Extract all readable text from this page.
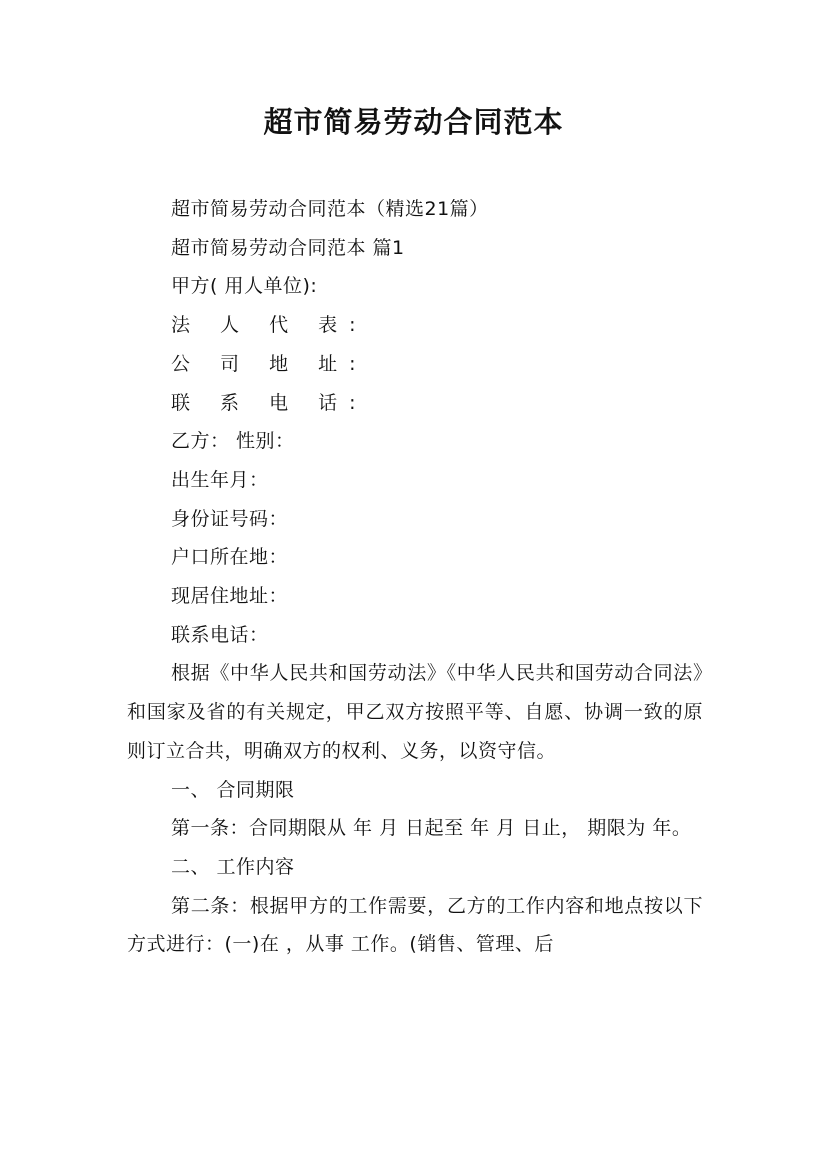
超市简易劳动合同范本

超市简易劳动合同范本（精选21篇）

超市简易劳动合同范本 篇1

甲方( 用人单位):

法 人 代 表:

公 司 地 址:

联 系 电 话:

乙方： 性别：

出生年月：

身份证号码：

户口所在地：

现居住地址：

联系电话：

根据《中华人民共和国劳动法》《中华人民共和国劳动合同法》和国家及省的有关规定，甲乙双方按照平等、自愿、协调一致的原则订立合共，明确双方的权利、义务，以资守信。

一、 合同期限

第一条：合同期限从 年 月 日起至 年 月 日止， 期限为 年。

二、 工作内容

第二条：根据甲方的工作需要，乙方的工作内容和地点按以下方式进行：(一)在 ，从事 工作。(销售、管理、后
